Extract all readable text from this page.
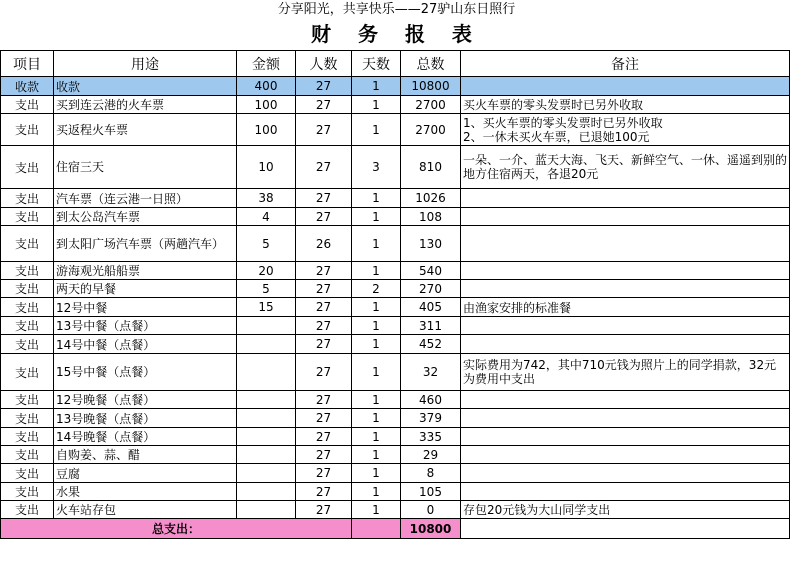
分享阳光，共享快乐——27驴山东日照行
财 务 报 表
项目	用途	金额	人数	天数	总数	备注
收款	收款	400	27	1	10800	
支出	买到连云港的火车票	100	27	1	2700	买火车票的零头发票时已另外收取
支出	买返程火车票	100	27	1	2700	1、买火车票的零头发票时已另外收取
2、一休未买火车票，已退她100元
支出	住宿三天	10	27	3	810	一朵、一介、蓝天大海、飞天、新鲜空气、一休、遥遥到别的地方住宿两天，各退20元
支出	汽车票（连云港一日照）	38	27	1	1026	
支出	到太公岛汽车票	4	27	1	108	
支出	到太阳广场汽车票（两趟汽车）	5	26	1	130	
支出	游海观光船船票	20	27	1	540	
支出	两天的早餐	5	27	2	270	
支出	12号中餐	15	27	1	405	由渔家安排的标准餐
支出	13号中餐（点餐）		27	1	311	
支出	14号中餐（点餐）		27	1	452	
支出	15号中餐（点餐）		27	1	32	实际费用为742，其中710元钱为照片上的同学捐款，32元为费用中支出
支出	12号晚餐（点餐）		27	1	460	
支出	13号晚餐（点餐）		27	1	379	
支出	14号晚餐（点餐）		27	1	335	
支出	自购姜、蒜、醋		27	1	29	
支出	豆腐		27	1	8	
支出	水果		27	1	105	
支出	火车站存包		27	1	0	存包20元钱为大山同学支出
总支出：					10800	
